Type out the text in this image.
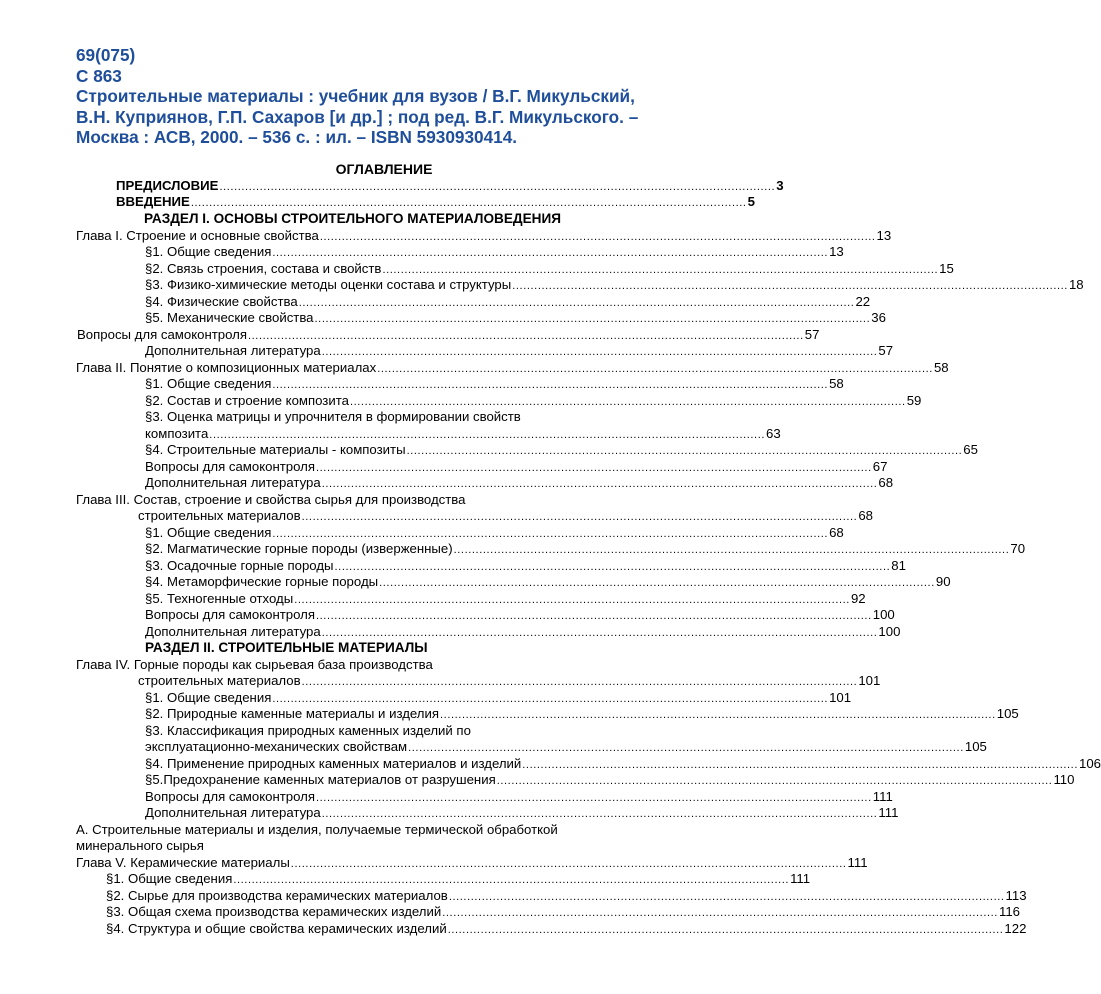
69(075)
С 863
Строительные материалы : учебник для вузов / В.Г. Микульский,
В.Н. Куприянов, Г.П. Сахаров [и др.] ; под ред. В.Г. Микульского. –
Москва : АСВ, 2000. – 536 с. : ил. – ISBN 5930930414.
ОГЛАВЛЕНИЕ
ПРЕДИСЛОВИЕ ........................................................................................................................................................ 3
ВВЕДЕНИЕ ........................................................................................................................................................ 5
РАЗДЕЛ I. ОСНОВЫ СТРОИТЕЛЬНОГО МАТЕРИАЛОВЕДЕНИЯ
Глава I. Строение и основные свойства ........................................................................................................................................................ 13
§1. Общие сведения ........................................................................................................................................................ 13
§2. Связь строения, состава и свойств ........................................................................................................................................................ 15
§3. Физико-химические методы оценки состава и структуры ........................................................................................................................................................ 18
§4. Физические свойства ........................................................................................................................................................ 22
§5. Механические свойства ........................................................................................................................................................ 36
Вопросы для самоконтроля ........................................................................................................................................................ 57
Дополнительная литература ........................................................................................................................................................ 57
Глава II. Понятие о композиционных материалах ........................................................................................................................................................ 58
§1. Общие сведения ........................................................................................................................................................ 58
§2. Состав и строение композита ........................................................................................................................................................ 59
§3. Оценка матрицы и упрочнителя в формировании свойств
композита ........................................................................................................................................................ 63
§4. Строительные материалы - композиты ........................................................................................................................................................ 65
Вопросы для самоконтроля ........................................................................................................................................................ 67
Дополнительная литература ........................................................................................................................................................ 68
Глава III. Состав, строение и свойства сырья для производства
строительных материалов ........................................................................................................................................................ 68
§1. Общие сведения ........................................................................................................................................................ 68
§2. Магматические горные породы (изверженные) ........................................................................................................................................................ 70
§3. Осадочные горные породы ........................................................................................................................................................ 81
§4. Метаморфические горные породы ........................................................................................................................................................ 90
§5. Техногенные отходы ........................................................................................................................................................ 92
Вопросы для самоконтроля ........................................................................................................................................................ 100
Дополнительная литература ........................................................................................................................................................ 100
РАЗДЕЛ II. СТРОИТЕЛЬНЫЕ МАТЕРИАЛЫ
Глава IV. Горные породы как сырьевая база производства
строительных материалов ........................................................................................................................................................ 101
§1. Общие сведения ........................................................................................................................................................ 101
§2. Природные каменные материалы и изделия ........................................................................................................................................................ 105
§3. Классификация природных каменных изделий по
эксплуатационно-механических свойствам ........................................................................................................................................................ 105
§4. Применение природных каменных материалов и изделий ........................................................................................................................................................ 106
§5.Предохранение каменных материалов от разрушения ........................................................................................................................................................ 110
Вопросы для самоконтроля ........................................................................................................................................................ 111
Дополнительная литература ........................................................................................................................................................ 111
А. Строительные материалы и изделия, получаемые термической обработкой
минерального сырья
Глава V. Керамические материалы ........................................................................................................................................................ 111
§1. Общие сведения ........................................................................................................................................................ 111
§2. Сырье для производства керамических материалов ........................................................................................................................................................ 113
§3. Общая схема производства керамических изделий ........................................................................................................................................................ 116
§4. Структура и общие свойства керамических изделий ........................................................................................................................................................ 122
